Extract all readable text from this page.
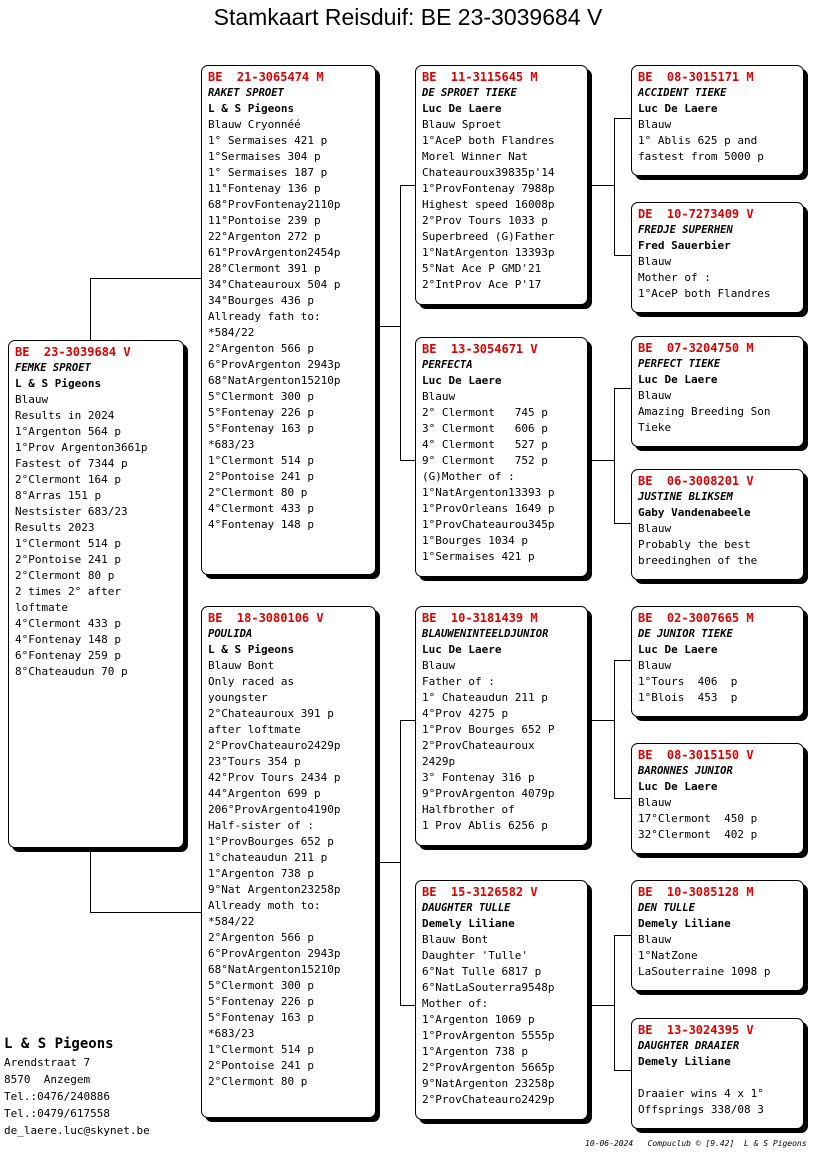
Stamkaart Reisduif: BE 23-3039684 V
BE  23-3039684 V
FEMKE SPROET
L & S Pigeons
Blauw
Results in 2024
1°Argenton 564 p
1°Prov Argenton3661p
Fastest of 7344 p
2°Clermont 164 p
8°Arras 151 p
Nestsister 683/23
Results 2023
1°Clermont 514 p
2°Pontoise 241 p
2°Clermont 80 p
2 times 2° after
loftmate
4°Clermont 433 p
4°Fontenay 148 p
6°Fontenay 259 p
8°Chateaudun 70 p
BE  21-3065474 M
RAKET SPROET
L & S Pigeons
Blauw Cryonnéé
1° Sermaises 421 p
1°Sermaises 304 p
1° Sermaises 187 p
11°Fontenay 136 p
68°ProvFontenay2110p
11°Pontoise 239 p
22°Argenton 272 p
61°ProvArgenton2454p
28°Clermont 391 p
34°Chateauroux 504 p
34°Bourges 436 p
Allready fath to:
*584/22
2°Argenton 566 p
6°ProvArgenton 2943p
68°NatArgenton15210p
5°Clermont 300 p
5°Fontenay 226 p
5°Fontenay 163 p
*683/23
1°Clermont 514 p
2°Pontoise 241 p
2°Clermont 80 p
4°Clermont 433 p
4°Fontenay 148 p
BE  18-3080106 V
POULIDA
L & S Pigeons
Blauw Bont
Only raced as
youngster
2°Chateauroux 391 p
after loftmate
2°ProvChateauro2429p
23°Tours 354 p
42°Prov Tours 2434 p
44°Argenton 699 p
206°ProvArgento4190p
Half-sister of :
1°ProvBourges 652 p
1°chateaudun 211 p
1°Argenton 738 p
9°Nat Argenton23258p
Allready moth to:
*584/22
2°Argenton 566 p
6°ProvArgenton 2943p
68°NatArgenton15210p
5°Clermont 300 p
5°Fontenay 226 p
5°Fontenay 163 p
*683/23
1°Clermont 514 p
2°Pontoise 241 p
2°Clermont 80 p
BE  11-3115645 M
DE SPROET TIEKE
Luc De Laere
Blauw Sproet
1°AceP both Flandres
Morel Winner Nat
Chateauroux39835p'14
1°ProvFontenay 7988p
Highest speed 16008p
2°Prov Tours 1033 p
Superbreed (G)Father
1°NatArgenton 13393p
5°Nat Ace P GMD'21
2°IntProv Ace P'17
BE  13-3054671 V
PERFECTA
Luc De Laere
Blauw
2° Clermont   745 p
3° Clermont   606 p
4° Clermont   527 p
9° Clermont   752 p
(G)Mother of :
1°NatArgenton13393 p
1°ProvOrleans 1649 p
1°ProvChateaurou345p
1°Bourges 1034 p
1°Sermaises 421 p
BE  10-3181439 M
BLAUWENINTEELDJUNIOR
Luc De Laere
Blauw
Father of :
1° Chateaudun 211 p
4°Prov 4275 p
1°Prov Bourges 652 P
2°ProvChateauroux
2429p
3° Fontenay 316 p
9°ProvArgenton 4079p
Halfbrother of
1 Prov Ablis 6256 p
BE  15-3126582 V
DAUGHTER TULLE
Demely Liliane
Blauw Bont
Daughter 'Tulle'
6°Nat Tulle 6817 p
6°NatLaSouterra9548p
Mother of:
1°Argenton 1069 p
1°ProvArgenton 5555p
1°Argenton 738 p
2°ProvArgenton 5665p
9°NatArgenton 23258p
2°ProvChateauro2429p
BE  08-3015171 M
ACCIDENT TIEKE
Luc De Laere
Blauw
1° Ablis 625 p and
fastest from 5000 p
DE  10-7273409 V
FREDJE SUPERHEN
Fred Sauerbier
Blauw
Mother of :
1°AceP both Flandres
BE  07-3204750 M
PERFECT TIEKE
Luc De Laere
Blauw
Amazing Breeding Son
Tieke
BE  06-3008201 V
JUSTINE BLIKSEM
Gaby Vandenabeele
Blauw
Probably the best
breedinghen of the
BE  02-3007665 M
DE JUNIOR TIEKE
Luc De Laere
Blauw
1°Tours  406  p
1°Blois  453  p
BE  08-3015150 V
BARONNES JUNIOR
Luc De Laere
Blauw
17°Clermont  450 p
32°Clermont  402 p
BE  10-3085128 M
DEN TULLE
Demely Liliane
Blauw
1°NatZone
LaSouterraine 1098 p
BE  13-3024395 V
DAUGHTER DRAAIER
Demely Liliane

Draaier wins 4 x 1°
Offsprings 338/08 3
L & S Pigeons
Arendstraat 7
8570  Anzegem
Tel.:0476/240886
Tel.:0479/617558
de_laere.luc@skynet.be
10-06-2024   Compuclub © [9.42]  L & S Pigeons
